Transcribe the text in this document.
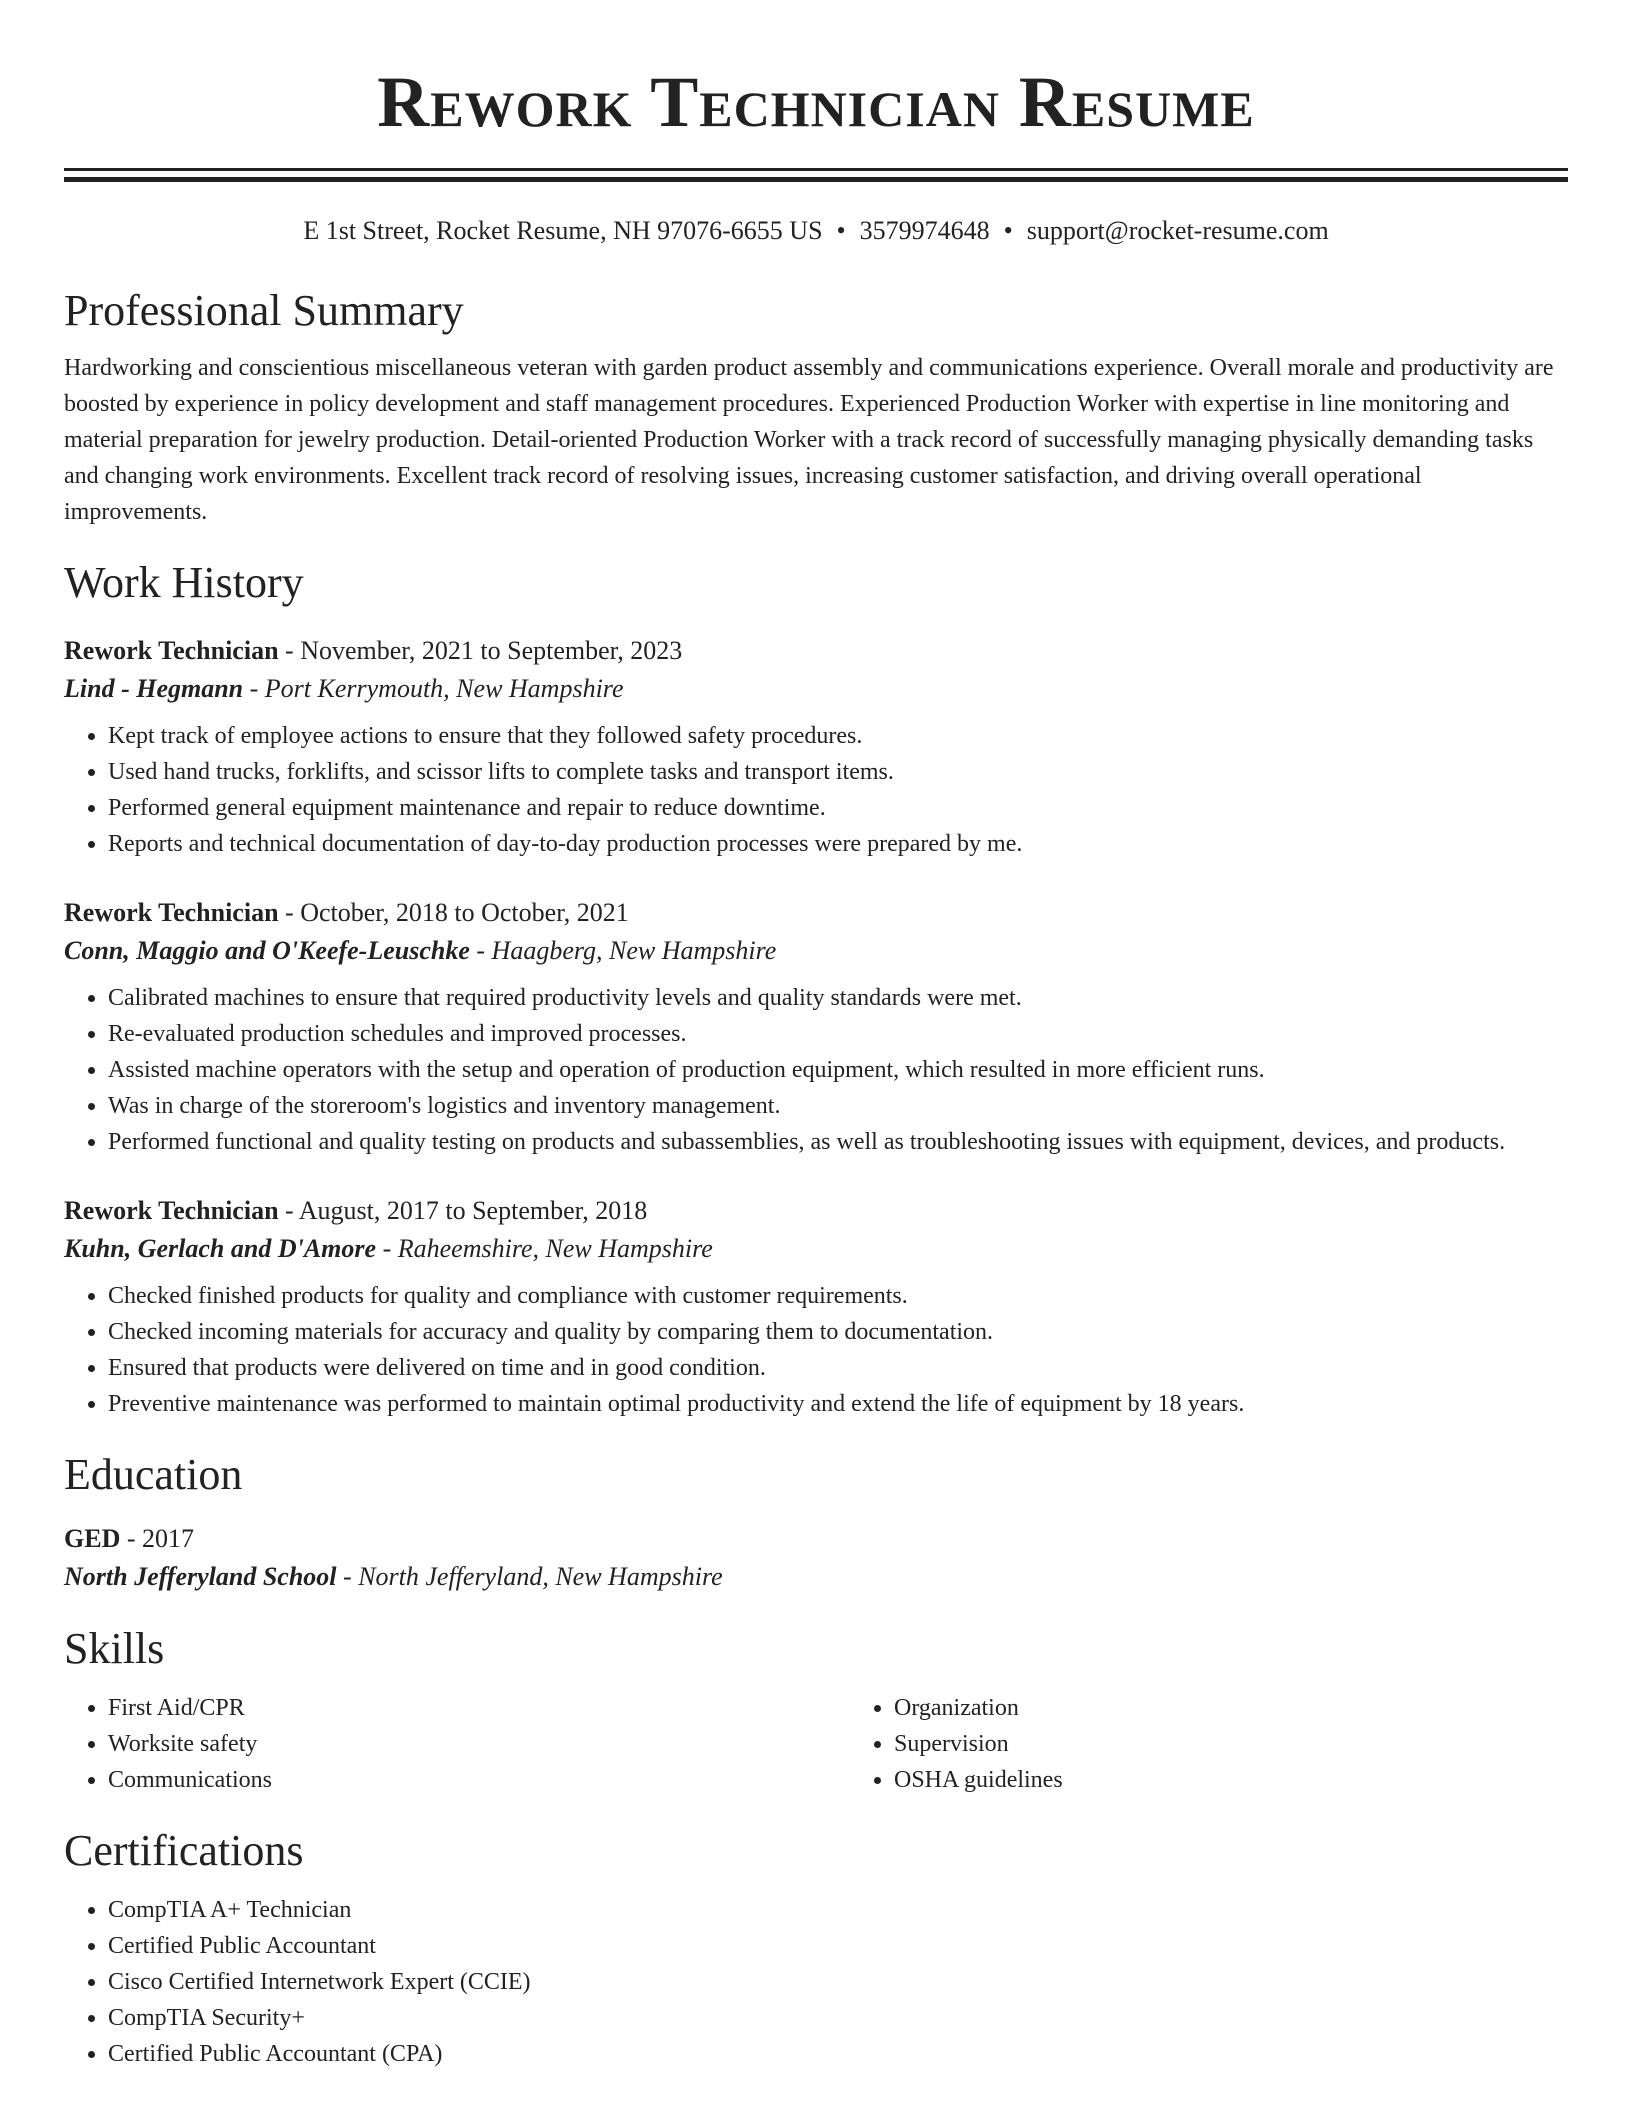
Rework Technician Resume
E 1st Street, Rocket Resume, NH 97076-6655 US • 3579974648 • support@rocket-resume.com
Professional Summary
Hardworking and conscientious miscellaneous veteran with garden product assembly and communications experience. Overall morale and productivity are boosted by experience in policy development and staff management procedures. Experienced Production Worker with expertise in line monitoring and material preparation for jewelry production. Detail-oriented Production Worker with a track record of successfully managing physically demanding tasks and changing work environments. Excellent track record of resolving issues, increasing customer satisfaction, and driving overall operational improvements.
Work History
Rework Technician - November, 2021 to September, 2023
Lind - Hegmann - Port Kerrymouth, New Hampshire
• Kept track of employee actions to ensure that they followed safety procedures.
• Used hand trucks, forklifts, and scissor lifts to complete tasks and transport items.
• Performed general equipment maintenance and repair to reduce downtime.
• Reports and technical documentation of day-to-day production processes were prepared by me.
Rework Technician - October, 2018 to October, 2021
Conn, Maggio and O'Keefe-Leuschke - Haagberg, New Hampshire
• Calibrated machines to ensure that required productivity levels and quality standards were met.
• Re-evaluated production schedules and improved processes.
• Assisted machine operators with the setup and operation of production equipment, which resulted in more efficient runs.
• Was in charge of the storeroom's logistics and inventory management.
• Performed functional and quality testing on products and subassemblies, as well as troubleshooting issues with equipment, devices, and products.
Rework Technician - August, 2017 to September, 2018
Kuhn, Gerlach and D'Amore - Raheemshire, New Hampshire
• Checked finished products for quality and compliance with customer requirements.
• Checked incoming materials for accuracy and quality by comparing them to documentation.
• Ensured that products were delivered on time and in good condition.
• Preventive maintenance was performed to maintain optimal productivity and extend the life of equipment by 18 years.
Education
GED - 2017
North Jefferyland School - North Jefferyland, New Hampshire
Skills
• First Aid/CPR
• Worksite safety
• Communications
• Organization
• Supervision
• OSHA guidelines
Certifications
• CompTIA A+ Technician
• Certified Public Accountant
• Cisco Certified Internetwork Expert (CCIE)
• CompTIA Security+
• Certified Public Accountant (CPA)
